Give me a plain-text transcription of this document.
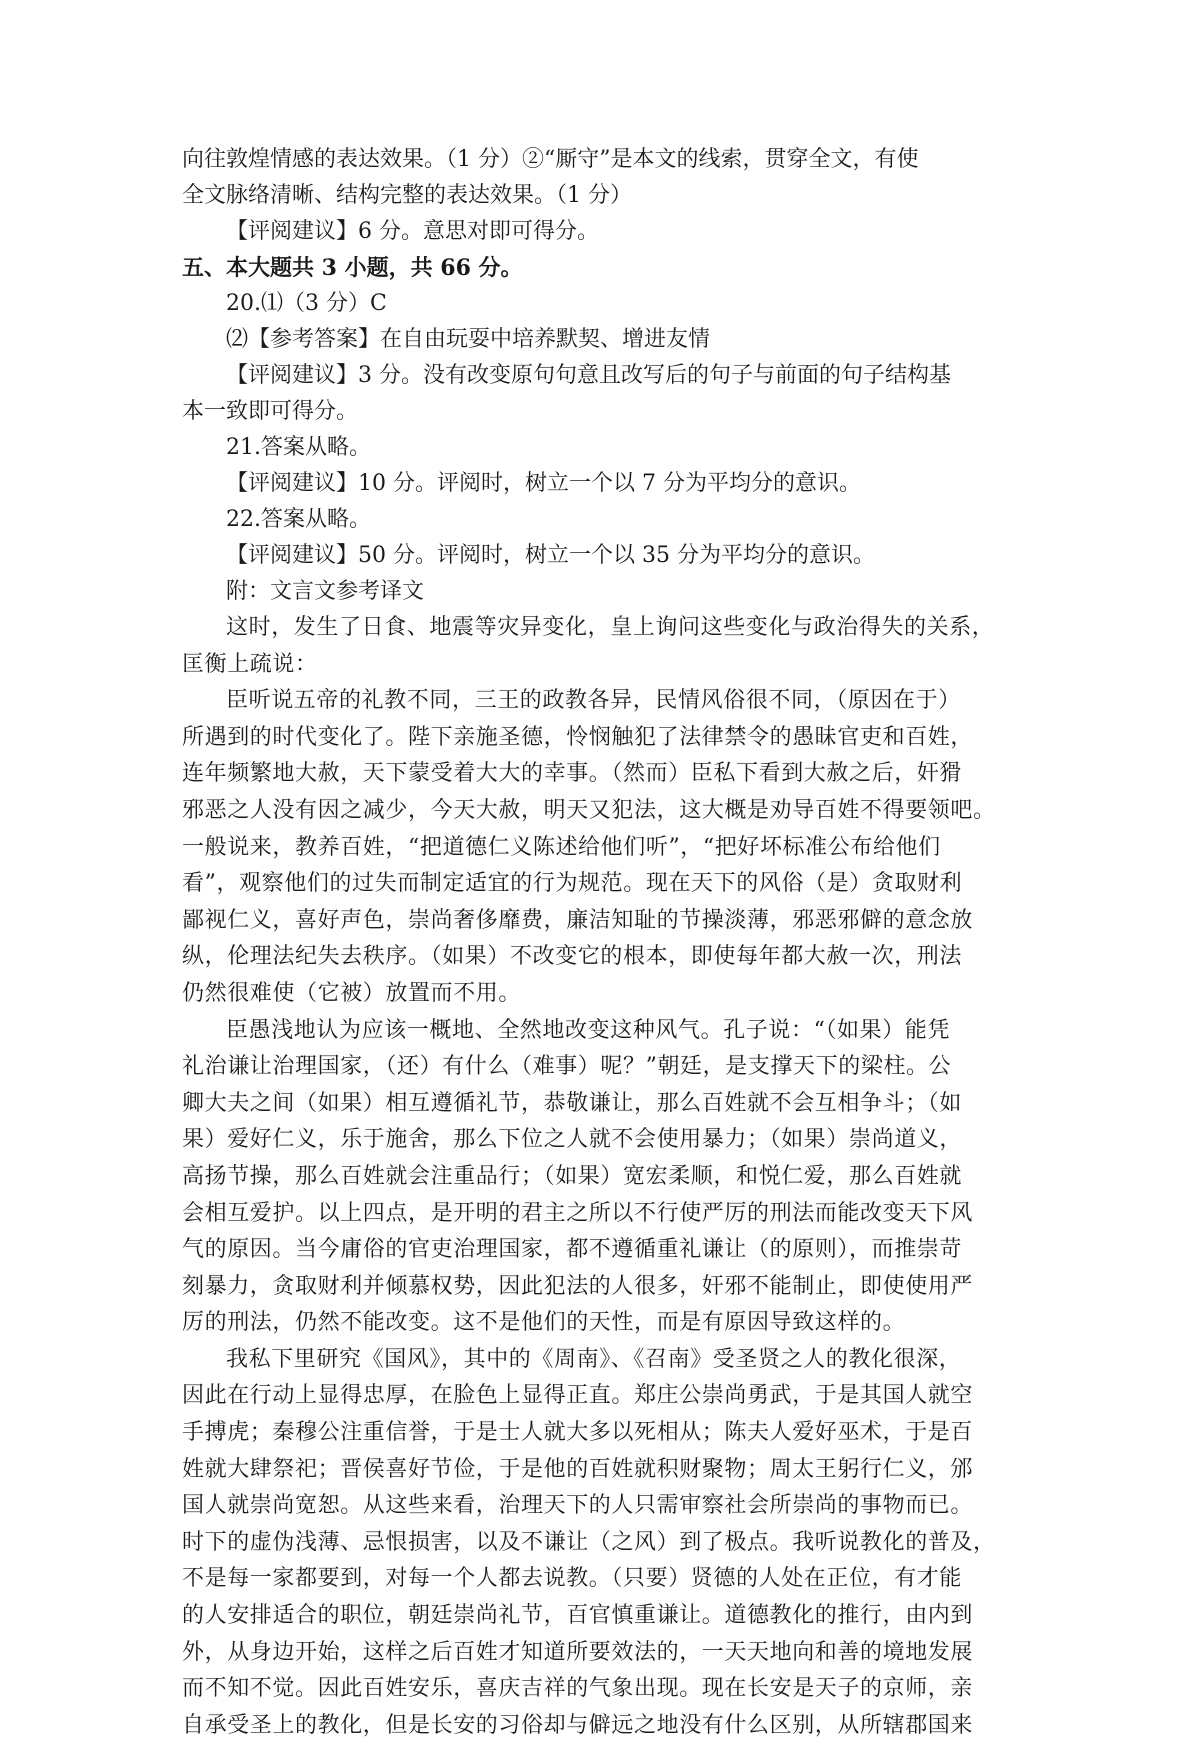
向往敦煌情感的表达效果。（1 分）②“厮守”是本文的线索，贯穿全文，有使

全文脉络清晰、结构完整的表达效果。（1 分）

【评阅建议】6 分。意思对即可得分。

五、本大题共 3 小题，共 66 分。

20.⑴（3 分）C

⑵【参考答案】在自由玩耍中培养默契、增进友情

【评阅建议】3 分。没有改变原句句意且改写后的句子与前面的句子结构基

本一致即可得分。

21.答案从略。

【评阅建议】10 分。评阅时，树立一个以 7 分为平均分的意识。

22.答案从略。

【评阅建议】50 分。评阅时，树立一个以 35 分为平均分的意识。

附：文言文参考译文

这时，发生了日食、地震等灾异变化，皇上询问这些变化与政治得失的关系，

匡衡上疏说：

臣听说五帝的礼教不同，三王的政教各异，民情风俗很不同，（原因在于）

所遇到的时代变化了。陛下亲施圣德，怜悯触犯了法律禁令的愚昧官吏和百姓，

连年频繁地大赦，天下蒙受着大大的幸事。（然而）臣私下看到大赦之后，奸猾

邪恶之人没有因之减少，今天大赦，明天又犯法，这大概是劝导百姓不得要领吧。

一般说来，教养百姓，“把道德仁义陈述给他们听”，“把好坏标准公布给他们

看”，观察他们的过失而制定适宜的行为规范。现在天下的风俗（是）贪取财利

鄙视仁义，喜好声色，崇尚奢侈靡费，廉洁知耻的节操淡薄，邪恶邪僻的意念放

纵，伦理法纪失去秩序。（如果）不改变它的根本，即使每年都大赦一次，刑法

仍然很难使（它被）放置而不用。

臣愚浅地认为应该一概地、全然地改变这种风气。孔子说：“（如果）能凭

礼治谦让治理国家，（还）有什么（难事）呢？”朝廷，是支撑天下的梁柱。公

卿大夫之间（如果）相互遵循礼节，恭敬谦让，那么百姓就不会互相争斗；（如

果）爱好仁义，乐于施舍，那么下位之人就不会使用暴力；（如果）崇尚道义，

高扬节操，那么百姓就会注重品行；（如果）宽宏柔顺，和悦仁爱，那么百姓就

会相互爱护。以上四点，是开明的君主之所以不行使严厉的刑法而能改变天下风

气的原因。当今庸俗的官吏治理国家，都不遵循重礼谦让（的原则），而推崇苛

刻暴力，贪取财利并倾慕权势，因此犯法的人很多，奸邪不能制止，即使使用严

厉的刑法，仍然不能改变。这不是他们的天性，而是有原因导致这样的。

我私下里研究《国风》，其中的《周南》、《召南》受圣贤之人的教化很深，

因此在行动上显得忠厚，在脸色上显得正直。郑庄公崇尚勇武，于是其国人就空

手搏虎；秦穆公注重信誉，于是士人就大多以死相从；陈夫人爱好巫术，于是百

姓就大肆祭祀；晋侯喜好节俭，于是他的百姓就积财聚物；周太王躬行仁义，邠

国人就崇尚宽恕。从这些来看，治理天下的人只需审察社会所崇尚的事物而已。

时下的虚伪浅薄、忌恨损害，以及不谦让（之风）到了极点。我听说教化的普及，

不是每一家都要到，对每一个人都去说教。（只要）贤德的人处在正位，有才能

的人安排适合的职位，朝廷崇尚礼节，百官慎重谦让。道德教化的推行，由内到

外，从身边开始，这样之后百姓才知道所要效法的，一天天地向和善的境地发展

而不知不觉。因此百姓安乐，喜庆吉祥的气象出现。现在长安是天子的京师，亲

自承受圣上的教化，但是长安的习俗却与僻远之地没有什么区别，从所辖郡国来
